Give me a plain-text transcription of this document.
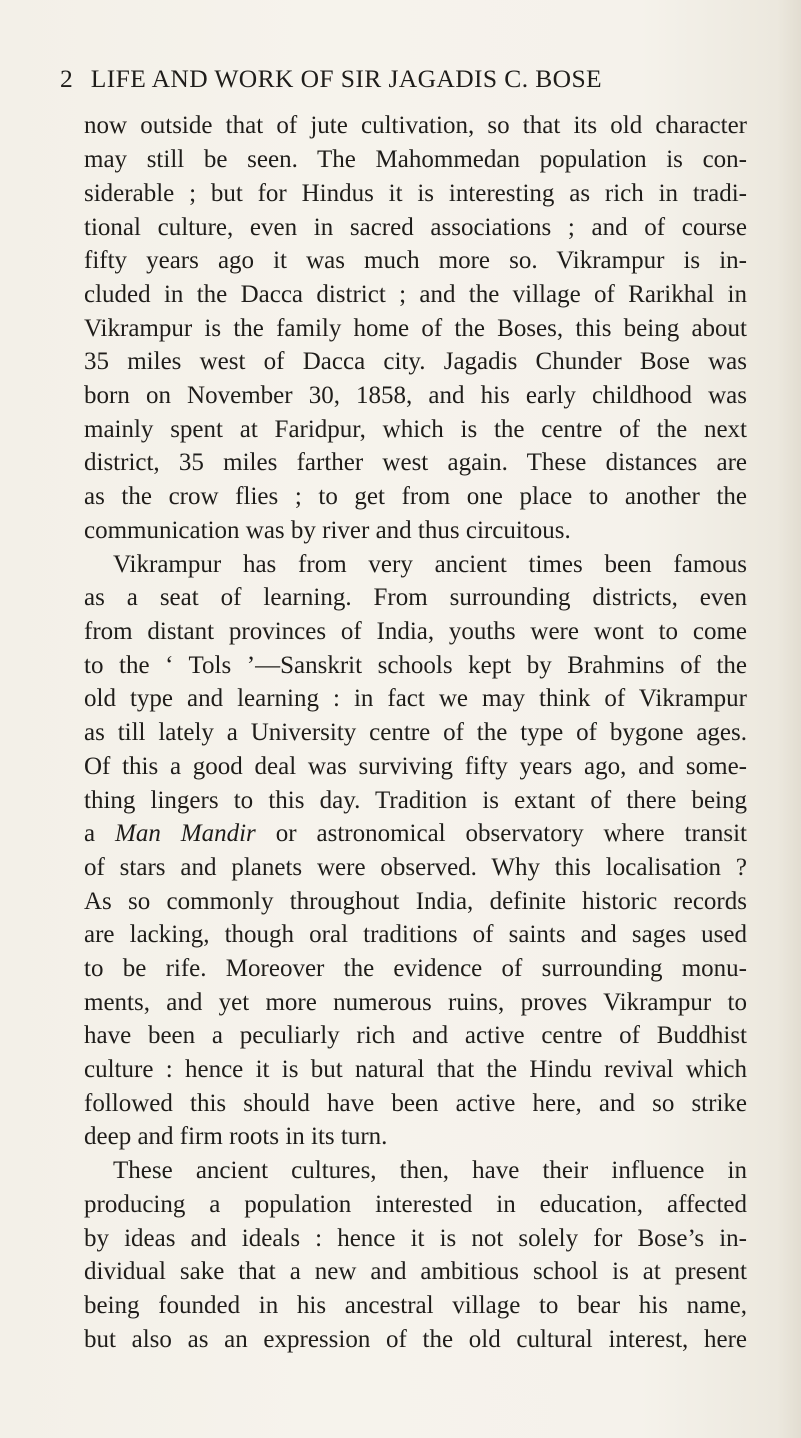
2 LIFE AND WORK OF SIR JAGADIS C. BOSE
now outside that of jute cultivation, so that its old character
may still be seen. The Mahommedan population is con-
siderable ; but for Hindus it is interesting as rich in tradi-
tional culture, even in sacred associations ; and of course
fifty years ago it was much more so. Vikrampur is in-
cluded in the Dacca district ; and the village of Rarikhal in
Vikrampur is the family home of the Boses, this being about
35 miles west of Dacca city. Jagadis Chunder Bose was
born on November 30, 1858, and his early childhood was
mainly spent at Faridpur, which is the centre of the next
district, 35 miles farther west again. These distances are
as the crow flies ; to get from one place to another the
communication was by river and thus circuitous.
Vikrampur has from very ancient times been famous
as a seat of learning. From surrounding districts, even
from distant provinces of India, youths were wont to come
to the ‘ Tols ’—Sanskrit schools kept by Brahmins of the
old type and learning : in fact we may think of Vikrampur
as till lately a University centre of the type of bygone ages.
Of this a good deal was surviving fifty years ago, and some-
thing lingers to this day. Tradition is extant of there being
a Man Mandir or astronomical observatory where transit
of stars and planets were observed. Why this localisation ?
As so commonly throughout India, definite historic records
are lacking, though oral traditions of saints and sages used
to be rife. Moreover the evidence of surrounding monu-
ments, and yet more numerous ruins, proves Vikrampur to
have been a peculiarly rich and active centre of Buddhist
culture : hence it is but natural that the Hindu revival which
followed this should have been active here, and so strike
deep and firm roots in its turn.
These ancient cultures, then, have their influence in
producing a population interested in education, affected
by ideas and ideals : hence it is not solely for Bose’s in-
dividual sake that a new and ambitious school is at present
being founded in his ancestral village to bear his name,
but also as an expression of the old cultural interest, here
